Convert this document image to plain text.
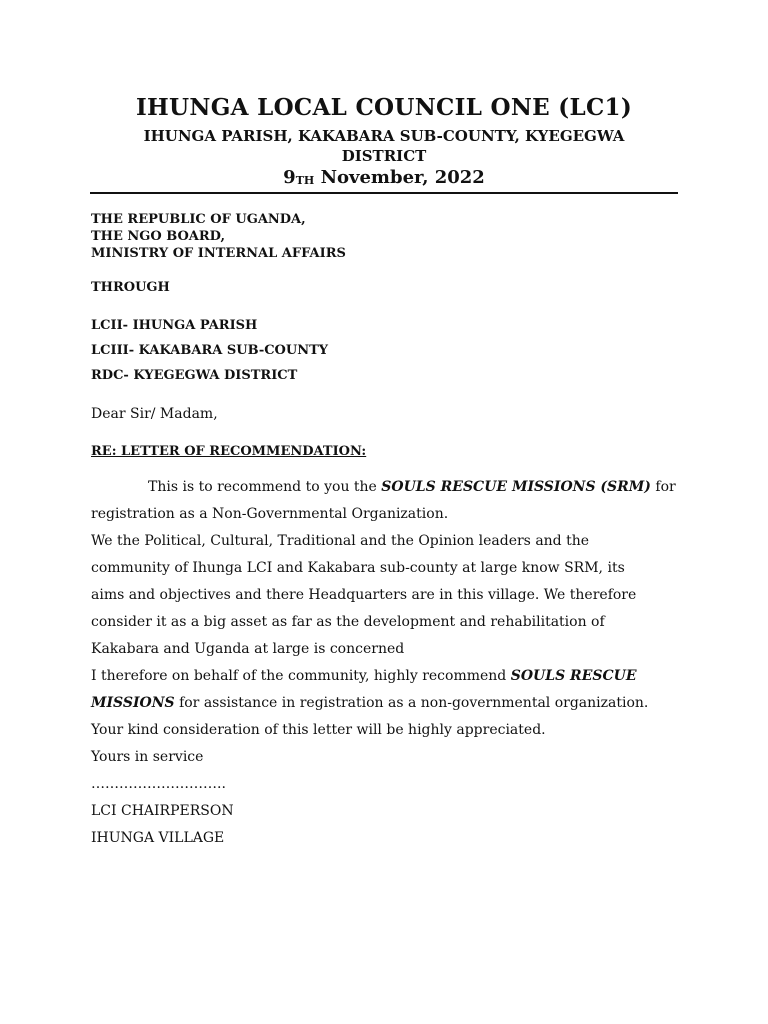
IHUNGA LOCAL COUNCIL ONE (LC1)
IHUNGA PARISH, KAKABARA SUB-COUNTY, KYEGEGWA
DISTRICT
9TH November, 2022
THE REPUBLIC OF UGANDA,
THE NGO BOARD,
MINISTRY OF INTERNAL AFFAIRS
THROUGH
LCII- IHUNGA PARISH
LCIII- KAKABARA SUB-COUNTY
RDC- KYEGEGWA DISTRICT
Dear Sir/ Madam,
RE: LETTER OF RECOMMENDATION:
This is to recommend to you the SOULS RESCUE MISSIONS (SRM) for
registration as a Non-Governmental Organization.
We the Political, Cultural, Traditional and the Opinion leaders and the
community of Ihunga LCI and Kakabara sub-county at large know SRM, its
aims and objectives and there Headquarters are in this village. We therefore
consider it as a big asset as far as the development and rehabilitation of
Kakabara and Uganda at large is concerned
I therefore on behalf of the community, highly recommend SOULS RESCUE
MISSIONS for assistance in registration as a non-governmental organization.
Your kind consideration of this letter will be highly appreciated.
Yours in service
………………………..
LCI CHAIRPERSON
IHUNGA VILLAGE
